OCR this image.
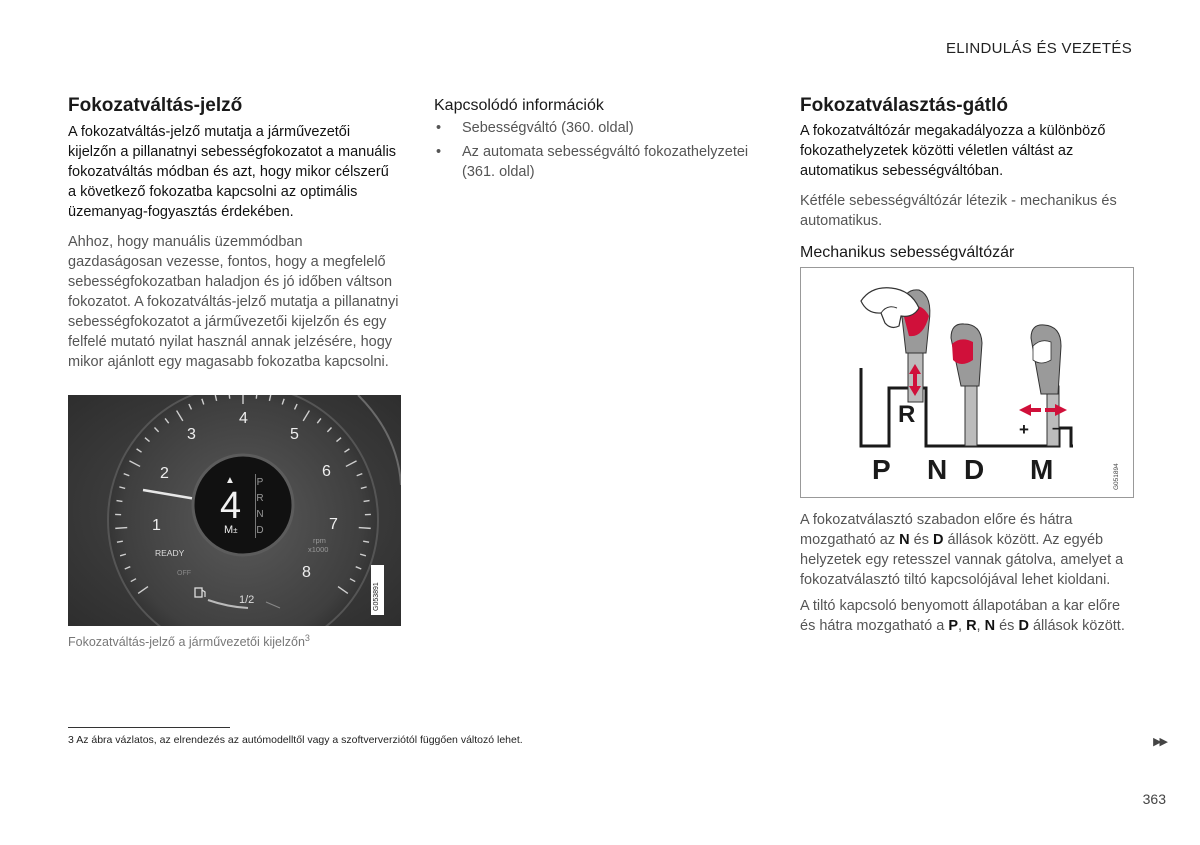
ELINDULÁS ÉS VEZETÉS
Fokozatváltás-jelző
A fokozatváltás-jelző mutatja a járművezetői kijelzőn a pillanatnyi sebességfokozatot a manuális fokozatváltás módban és azt, hogy mikor célszerű a következő fokozatba kapcsolni az optimális üzemanyag-fogyasztás érdekében.
Ahhoz, hogy manuális üzemmódban gazdaságosan vezesse, fontos, hogy a megfelelő sebességfokozatban haladjon és jó időben váltson fokozatot. A fokozatváltás-jelző mutatja a pillanatnyi sebességfokozatot a járművezetői kijelzőn és egy felfelé mutató nyilat használ annak jelzésére, hogy mikor ajánlott egy magasabb fokozatba kapcsolni.
3
4
5
2	6
1	7
8
1/2
▲
4
M±
P
R
N
D
READY
OFF
rpm
x1000
G053891
Fokozatváltás-jelző a járművezetői kijelzőn$^3$
Kapcsolódó információk
• Sebességváltó (360. oldal)
• Az automata sebességváltó fokozathelyzetei (361. oldal)
Fokozatválasztás-gátló
A fokozatváltózár megakadályozza a különböző fokozathelyzetek közötti véletlen váltást az automatikus sebességváltóban.
Kétféle sebességváltózár létezik - mechanikus és automatikus.
Mechanikus sebességváltózár
R
+ –
P N D M	G051894
A fokozatválasztó szabadon előre és hátra mozgatható az N és D állások között. Az egyéb helyzetek egy retesszel vannak gátolva, amelyet a fokozatválasztó tiltó kapcsolójával lehet kioldani.
A tiltó kapcsoló benyomott állapotában a kar előre és hátra mozgatható a P, R, N és D állások között.
3 Az ábra vázlatos, az elrendezés az autómodelltől vagy a szoftververziótól függően változó lehet.	▶▶
363
